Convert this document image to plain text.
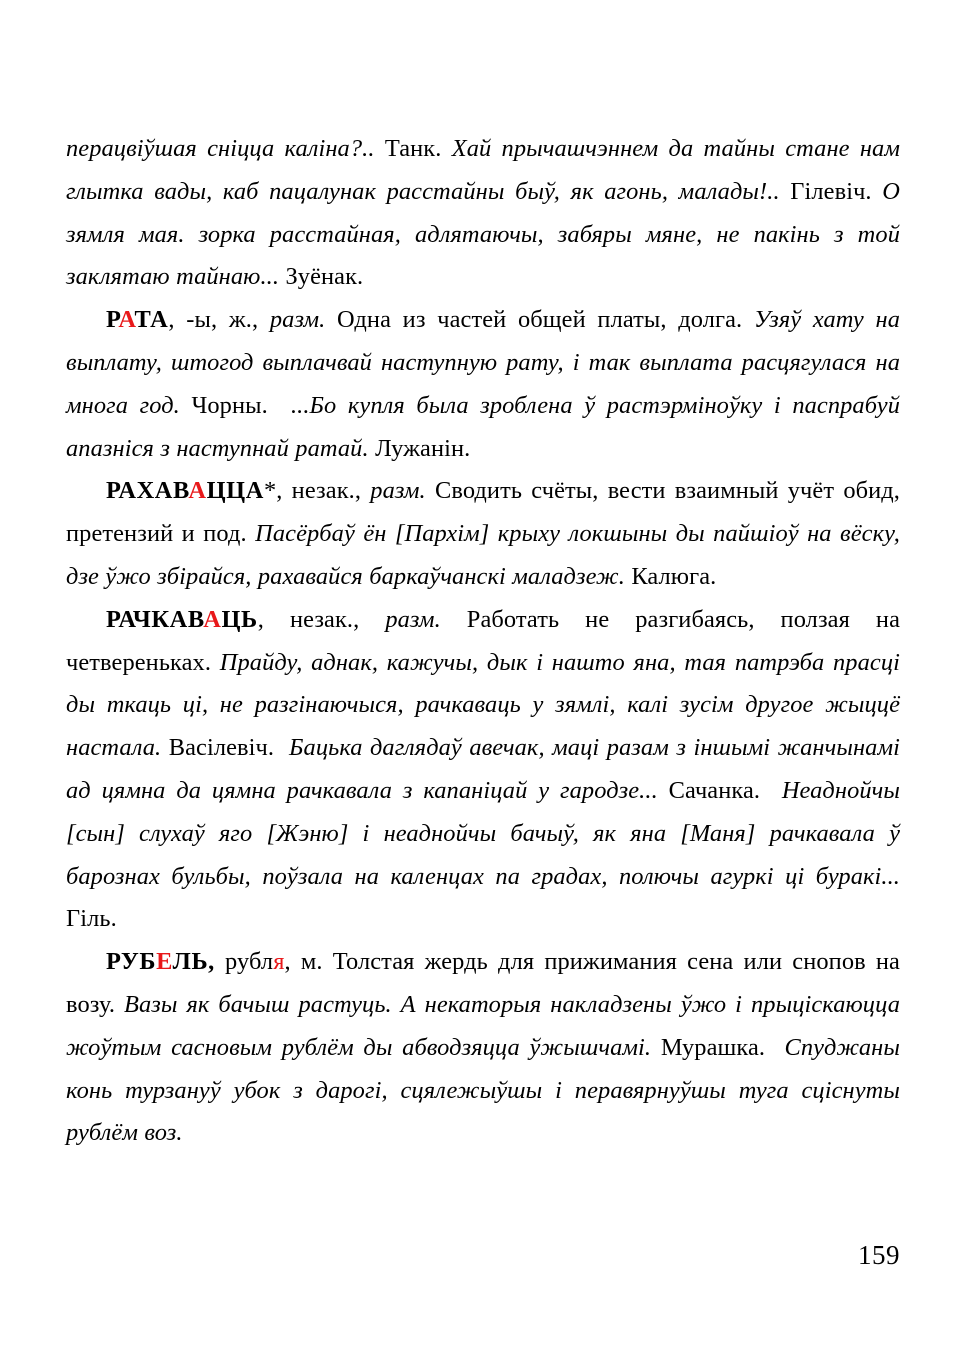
перацвіўшая сніцца каліна?.. Танк. Хай прычашчэннем да тайны стане нам глытка вады, каб пацалунак расстайны быў, як агонь, малады!.. Гілевіч. О зямля мая. зорка расстайная, адлятаючы, забяры мяне, не пакінь з той заклятаю тайнаю... Зуёнак.

РАТА, -ы, ж., разм. Одна из частей общей платы, долга. Узяў хату на выплату, штогод выплачвай наступную рату, і так выплата расцягулася на многа год. Чорны. ...Бо купля была зроблена ў растэрміноўку і паспрабуй апазніся з наступнай ратай. Лужанін.

РАХАВАЦЦА*, незак., разм. Сводить счёты, вести взаимный учёт обид, претензий и под. Пасёрбаў ён [Пархім] крыху локшыны ды пайшіоў на вёску, дзе ўжо збірайся, рахавайся баркаўчанскі маладзеж. Калюга.

РАЧКАВАЦЬ, незак., разм. Работать не разгибаясь, ползая на четвереньках. Прайду, аднак, кажучы, дык і нашто яна, тая патрэба прасці ды ткаць ці, не разгінаючыся, рачкаваць у зямлі, калі зусім другое жыццё настала. Васілевіч. Бацька даглядаў авечак, маці разам з іншымі жанчынамі ад цямна да цямна рачкавала з капаніцай у гародзе... Сачанка. Неаднойчы [сын] слухаў яго [Жэню] і неаднойчы бачыў, як яна [Маня] рачкавала ў барознах бульбы, поўзала на каленцах па градах, полючы агуркі ці буракі... Гіль.

РУБЕЛЬ, рубля, м. Толстая жердь для прижимания сена или снопов на возу. Вазы як бачыш растуць. А некаторыя накладзены ўжо і прыціскаюцца жоўтым сасновым рублём ды абводзяцца ўжышчамі. Мурашка. Спуджаны конь турзануў убок з дарогі, сцялежыўшы і перавярнуўшы туга сціснуты рублём воз.

159
